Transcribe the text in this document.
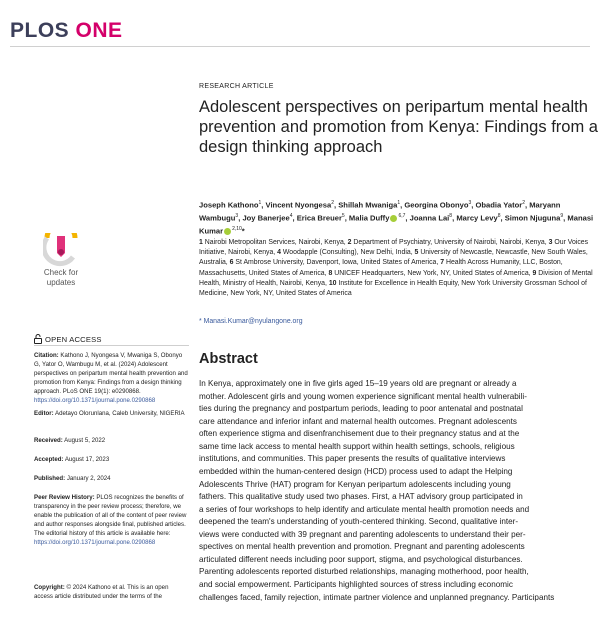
PLOS ONE
RESEARCH ARTICLE
Adolescent perspectives on peripartum mental health prevention and promotion from Kenya: Findings from a design thinking approach
Joseph Kathono$^1$, Vincent Nyongesa$^2$, Shillah Mwaniga$^1$, Georgina Obonyo$^3$, Obadia Yator$^2$, Maryann Wambugu$^3$, Joy Banerjee$^4$, Erica Breuer$^5$, Malia Duffy $^{6,7}$, Joanna Lai$^8$, Marcy Levy$^8$, Simon Njuguna$^9$, Manasi Kumar $^{2,10}$*
1 Nairobi Metropolitan Services, Nairobi, Kenya, 2 Department of Psychiatry, University of Nairobi, Nairobi, Kenya, 3 Our Voices Initiative, Nairobi, Kenya, 4 Woodapple (Consulting), New Delhi, India, 5 University of Newcastle, Newcastle, New South Wales, Australia, 6 St Ambrose University, Davenport, Iowa, United States of America, 7 Health Across Humanity, LLC, Boston, Massachusetts, United States of America, 8 UNICEF Headquarters, New York, NY, United States of America, 9 Division of Mental Health, Ministry of Health, Nairobi, Kenya, 10 Institute for Excellence in Health Equity, New York University Grossman School of Medicine, New York, NY, United States of America
* Manasi.Kumar@nyulangone.org
Check for
updates
OPEN ACCESS
Citation: Kathono J, Nyongesa V, Mwaniga S, Obonyo G, Yator O, Wambugu M, et al. (2024) Adolescent perspectives on peripartum mental health prevention and promotion from Kenya: Findings from a design thinking approach. PLoS ONE 19(1): e0290868. https://doi.org/10.1371/journal.pone.0290868
Editor: Adetayo Olorunlana, Caleb University, NIGERIA
Received: August 5, 2022
Accepted: August 17, 2023
Published: January 2, 2024
Peer Review History: PLOS recognizes the benefits of transparency in the peer review process; therefore, we enable the publication of all of the content of peer review and author responses alongside final, published articles. The editorial history of this article is available here: https://doi.org/10.1371/journal.pone.0290868
Copyright: © 2024 Kathono et al. This is an open access article distributed under the terms of the
Abstract
In Kenya, approximately one in five girls aged 15–19 years old are pregnant or already a
mother. Adolescent girls and young women experience significant mental health vulnerabili-
ties during the pregnancy and postpartum periods, leading to poor antenatal and postnatal
care attendance and inferior infant and maternal health outcomes. Pregnant adolescents
often experience stigma and disenfranchisement due to their pregnancy status and at the
same time lack access to mental health support within health settings, schools, religious
institutions, and communities. This paper presents the results of qualitative interviews
embedded within the human-centered design (HCD) process used to adapt the Helping
Adolescents Thrive (HAT) program for Kenyan peripartum adolescents including young
fathers. This qualitative study used two phases. First, a HAT advisory group participated in
a series of four workshops to help identify and articulate mental health promotion needs and
deepened the team's understanding of youth-centered thinking. Second, qualitative inter-
views were conducted with 39 pregnant and parenting adolescents to understand their per-
spectives on mental health prevention and promotion. Pregnant and parenting adolescents
articulated different needs including poor support, stigma, and psychological disturbances.
Parenting adolescents reported disturbed relationships, managing motherhood, poor health,
and social empowerment. Participants highlighted sources of stress including economic
challenges faced, family rejection, intimate partner violence and unplanned pregnancy. Participants
